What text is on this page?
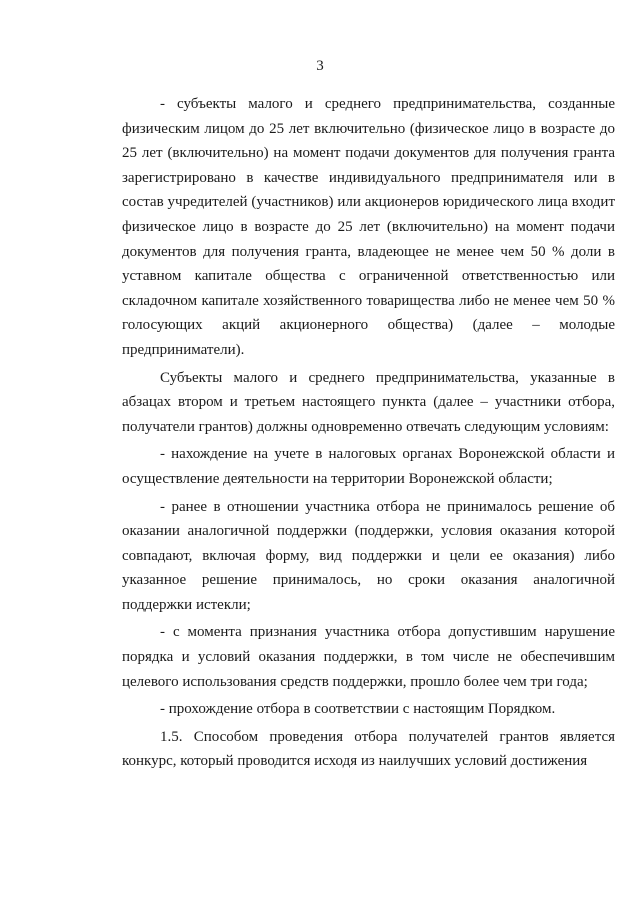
3

- субъекты малого и среднего предпринимательства, созданные физическим лицом до 25 лет включительно (физическое лицо в возрасте до 25 лет (включительно) на момент подачи документов для получения гранта зарегистрировано в качестве индивидуального предпринимателя или в состав учредителей (участников) или акционеров юридического лица входит физическое лицо в возрасте до 25 лет (включительно) на момент подачи документов для получения гранта, владеющее не менее чем 50 % доли в уставном капитале общества с ограниченной ответственностью или складочном капитале хозяйственного товарищества либо не менее чем 50 % голосующих акций акционерного общества) (далее – молодые предприниматели).

Субъекты малого и среднего предпринимательства, указанные в абзацах втором и третьем настоящего пункта (далее – участники отбора, получатели грантов) должны одновременно отвечать следующим условиям:

- нахождение на учете в налоговых органах Воронежской области и осуществление деятельности на территории Воронежской области;

- ранее в отношении участника отбора не принималось решение об оказании аналогичной поддержки (поддержки, условия оказания которой совпадают, включая форму, вид поддержки и цели ее оказания) либо указанное решение принималось, но сроки оказания аналогичной поддержки истекли;

- с момента признания участника отбора допустившим нарушение порядка и условий оказания поддержки, в том числе не обеспечившим целевого использования средств поддержки, прошло более чем три года;

- прохождение отбора в соответствии с настоящим Порядком.

1.5. Способом проведения отбора получателей грантов является конкурс, который проводится исходя из наилучших условий достижения
